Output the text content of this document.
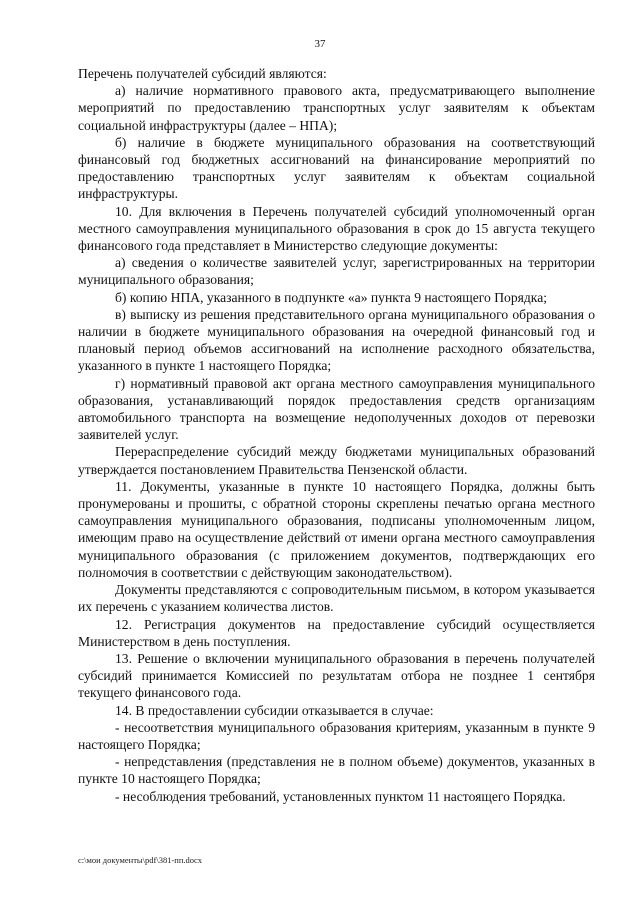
37

Перечень получателей субсидий являются:

а) наличие нормативного правового акта, предусматривающего выполнение мероприятий по предоставлению транспортных услуг заявителям к объектам социальной инфраструктуры (далее – НПА);

б) наличие в бюджете муниципального образования на соответствующий финансовый год бюджетных ассигнований на финансирование мероприятий по предоставлению транспортных услуг заявителям к объектам социальной инфраструктуры.

10. Для включения в Перечень получателей субсидий уполномоченный орган местного самоуправления муниципального образования в срок до 15 августа текущего финансового года представляет в Министерство следующие документы:

а) сведения о количестве заявителей услуг, зарегистрированных на территории муниципального образования;

б) копию НПА, указанного в подпункте «а» пункта 9 настоящего Порядка;

в) выписку из решения представительного органа муниципального образования о наличии в бюджете муниципального образования на очередной финансовый год и плановый период объемов ассигнований на исполнение расходного обязательства, указанного в пункте 1 настоящего Порядка;

г) нормативный правовой акт органа местного самоуправления муниципального образования, устанавливающий порядок предоставления средств организациям автомобильного транспорта на возмещение недополученных доходов от перевозки заявителей услуг.

Перераспределение субсидий между бюджетами муниципальных образований утверждается постановлением Правительства Пензенской области.

11. Документы, указанные в пункте 10 настоящего Порядка, должны быть пронумерованы и прошиты, с обратной стороны скреплены печатью органа местного самоуправления муниципального образования, подписаны уполномоченным лицом, имеющим право на осуществление действий от имени органа местного самоуправления муниципального образования (с приложением документов, подтверждающих его полномочия в соответствии с действующим законодательством).

Документы представляются с сопроводительным письмом, в котором указывается их перечень с указанием количества листов.

12. Регистрация документов на предоставление субсидий осуществляется Министерством в день поступления.

13. Решение о включении муниципального образования в перечень получателей субсидий принимается Комиссией по результатам отбора не позднее 1 сентября текущего финансового года.

14. В предоставлении субсидии отказывается в случае:

- несоответствия муниципального образования критериям, указанным в пункте 9 настоящего Порядка;

- непредставления (представления не в полном объеме) документов, указанных в пункте 10 настоящего Порядка;

- несоблюдения требований, установленных пунктом 11 настоящего Порядка.

c:\мои документы\pdf\381-пп.docx
